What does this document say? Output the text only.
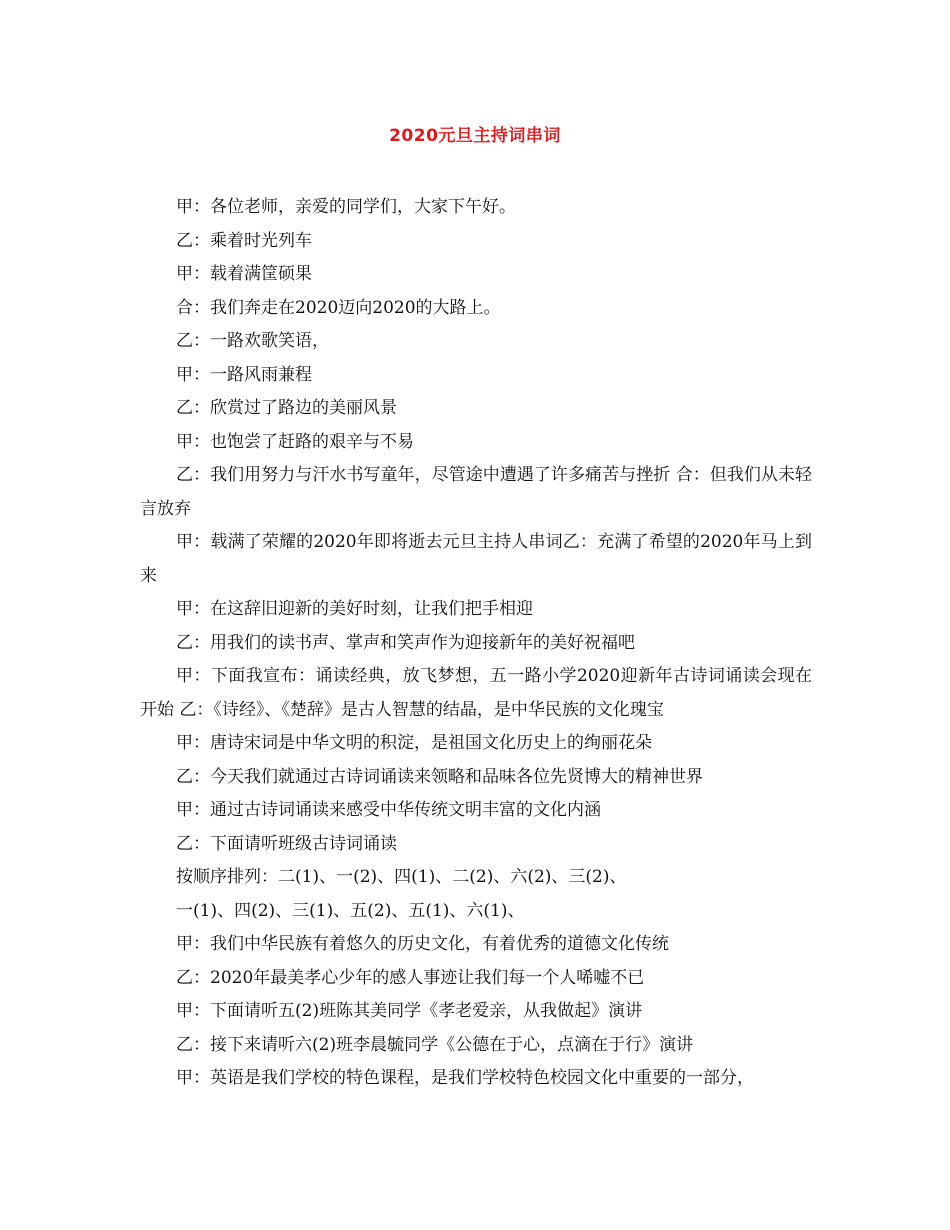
2020元旦主持词串词

甲：各位老师，亲爱的同学们，大家下午好。

乙：乘着时光列车

甲：载着满筐硕果

合：我们奔走在2020迈向2020的大路上。

乙：一路欢歌笑语，

甲：一路风雨兼程

乙：欣赏过了路边的美丽风景

甲：也饱尝了赶路的艰辛与不易

乙：我们用努力与汗水书写童年，尽管途中遭遇了许多痛苦与挫折 合：但我们从未轻言放弃

甲：载满了荣耀的2020年即将逝去元旦主持人串词乙：充满了希望的2020年马上到来

甲：在这辞旧迎新的美好时刻，让我们把手相迎

乙：用我们的读书声、掌声和笑声作为迎接新年的美好祝福吧

甲：下面我宣布：诵读经典，放飞梦想，五一路小学2020迎新年古诗词诵读会现在开始 乙：《诗经》、《楚辞》是古人智慧的结晶，是中华民族的文化瑰宝

甲：唐诗宋词是中华文明的积淀，是祖国文化历史上的绚丽花朵

乙：今天我们就通过古诗词诵读来领略和品味各位先贤博大的精神世界

甲：通过古诗词诵读来感受中华传统文明丰富的文化内涵

乙：下面请听班级古诗词诵读

按顺序排列：二(1)、一(2)、四(1)、二(2)、六(2)、三(2)、

一(1)、四(2)、三(1)、五(2)、五(1)、六(1)、

甲：我们中华民族有着悠久的历史文化，有着优秀的道德文化传统

乙：2020年最美孝心少年的感人事迹让我们每一个人唏嘘不已

甲：下面请听五(2)班陈其美同学《孝老爱亲，从我做起》演讲

乙：接下来请听六(2)班李晨毓同学《公德在于心，点滴在于行》演讲

甲：英语是我们学校的特色课程，是我们学校特色校园文化中重要的一部分，
